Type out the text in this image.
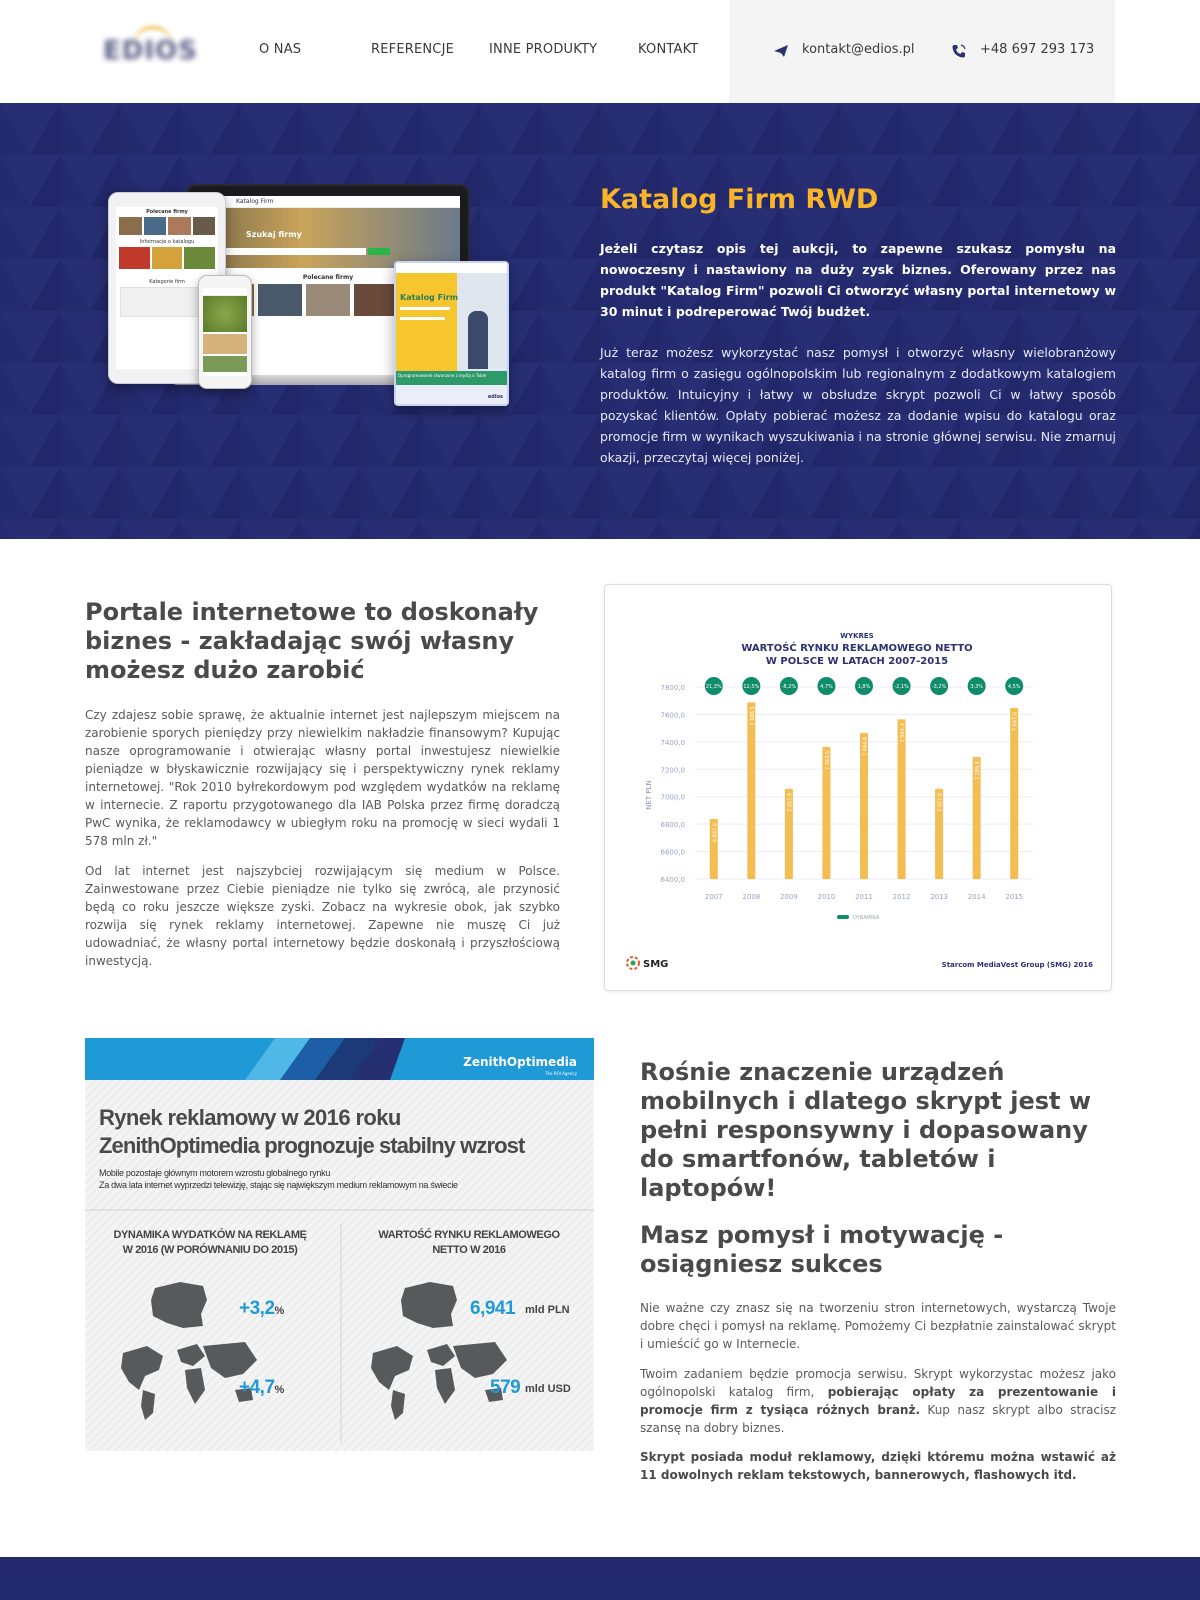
EDIOS	O NAS	REFERENCJE	INNE PRODUKTY	KONTAKT	kontakt@edios.pl	+48 697 293 173
Katalog Firm
Szukaj firmy
Polecane firmy
Polecane firmy
Informacje o katalogu
Kategorie firm
Katalog Firm
Oprogramowanie stworzone z myślą o Tobie
edios
Katalog Firm RWD

Jeżeli czytasz opis tej aukcji, to zapewne szukasz pomysłu na nowoczesny i nastawiony na duży zysk biznes. Oferowany przez nas produkt "Katalog Firm" pozwoli Ci otworzyć własny portal internetowy w 30 minut i podreperować Twój budżet.

Już teraz możesz wykorzystać nasz pomysł i otworzyć własny wielobranżowy katalog firm o zasięgu ogólnopolskim lub regionalnym z dodatkowym katalogiem produktów. Intuicyjny i łatwy w obsłudze skrypt pozwoli Ci w łatwy sposób pozyskać klientów. Opłaty pobierać możesz za dodanie wpisu do katalogu oraz promocje firm w wynikach wyszukiwania i na stronie głównej serwisu. Nie zmarnuj okazji, przeczytaj więcej poniżej.

Portale internetowe to doskonały biznes - zakładając swój własny możesz dużo zarobić

Czy zdajesz sobie sprawę, że aktualnie internet jest najlepszym miejscem na zarobienie sporych pieniędzy przy niewielkim nakładzie finansowym? Kupując nasze oprogramowanie i otwierając własny portal inwestujesz niewielkie pieniądze w błyskawicznie rozwijający się i perspektywiczny rynek reklamy internetowej. "Rok 2010 byłrekordowym pod względem wydatków na reklamę w internecie. Z raportu przygotowanego dla IAB Polska przez firmę doradczą PwC wynika, że reklamodawcy w ubiegłym roku na promocję w sieci wydali 1 578 mln zł."

Od lat internet jest najszybciej rozwijającym się medium w Polsce. Zainwestowane przez Ciebie pieniądze nie tylko się zwrócą, ale przynosić będą co roku jeszcze większe zyski. Zobacz na wykresie obok, jak szybko rozwija się rynek reklamy internetowej. Zapewne nie muszę Ci już udowadniać, że własny portal internetowy będzie doskonałą i przyszłościową inwestycją.

WYKRES
WARTOŚĆ RYNKU REKLAMOWEGO NETTO
W POLSCE W LATACH 2007-2015
NET PLN
6400,0
6600,0
6800,0
7000,0
7200,0
7400,0
7600,0
7800,0
6 837,6
2007
21,3%
7 688,5
2008
12,5%
7 057,9
2009
-8,2%
7 363,5
2010
4,7%
7 464,4
2011
1,8%
7 564,3
2012
-2,1%
7 057,8
2013
-3,2%
7 289,4
2014
3,3%
7 647,0
2015
4,5%
DYNAMIKA
SMG	Starcom MediaVest Group (SMG) 2016
ZenithOptimedia
The ROI Agency
Rynek reklamowy w 2016 roku
ZenithOptimedia prognozuje stabilny wzrost
Mobile pozostaje głównym motorem wzrostu globalnego rynku
Za dwa lata internet wyprzedzi telewizję, stając się największym medium reklamowym na świecie
DYNAMIKA WYDATKÓW NA REKLAMĘ
W 2016 (W PORÓWNANIU DO 2015)
WARTOŚĆ RYNKU REKLAMOWEGO
NETTO W 2016
+3,2%
+4,7%
6,941 mld PLN
579 mld USD
Rośnie znaczenie urządzeń mobilnych i dlatego skrypt jest w pełni responsywny i dopasowany do smartfonów, tabletów i laptopów!
Masz pomysł i motywację - osiągniesz sukces

Nie ważne czy znasz się na tworzeniu stron internetowych, wystarczą Twoje dobre chęci i pomysł na reklamę. Pomożemy Ci bezpłatnie zainstalować skrypt i umieścić go w Internecie.

Twoim zadaniem będzie promocja serwisu. Skrypt wykorzystac możesz jako ogólnopolski katalog firm, pobierając opłaty za prezentowanie i promocje firm z tysiąca różnych branż. Kup nasz skrypt albo stracisz szansę na dobry biznes.

Skrypt posiada moduł reklamowy, dzięki któremu można wstawić aż 11 dowolnych reklam tekstowych, bannerowych, flashowych itd.
